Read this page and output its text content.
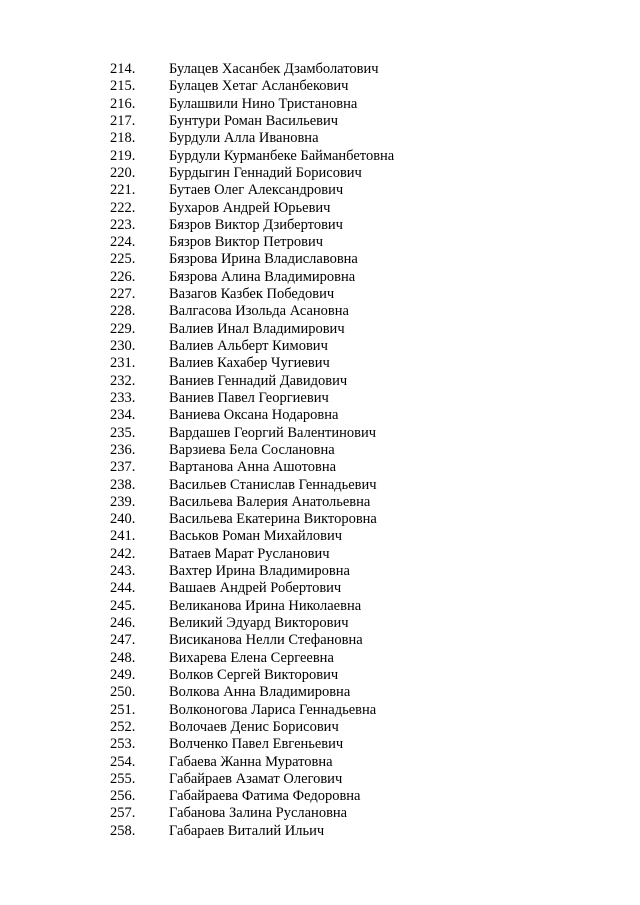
214.	Булацев Хасанбек Дзамболатович
215.	Булацев Хетаг Асланбекович
216.	Булашвили Нино Тристановна
217.	Бунтури Роман Васильевич
218.	Бурдули Алла Ивановна
219.	Бурдули Курманбеке Байманбетовна
220.	Бурдыгин Геннадий Борисович
221.	Бутаев Олег Александрович
222.	Бухаров Андрей Юрьевич
223.	Бязров Виктор Дзибертович
224.	Бязров Виктор Петрович
225.	Бязрова Ирина Владиславовна
226.	Бязрова Алина Владимировна
227.	Вазагов Казбек Победович
228.	Валгасова Изольда Асановна
229.	Валиев Инал Владимирович
230.	Валиев Альберт Кимович
231.	Валиев Кахабер Чугиевич
232.	Ваниев Геннадий Давидович
233.	Ваниев Павел Георгиевич
234.	Ваниева Оксана Нодаровна
235.	Вардашев Георгий Валентинович
236.	Варзиева Бела Сослановна
237.	Вартанова Анна Ашотовна
238.	Васильев Станислав Геннадьевич
239.	Васильева Валерия Анатольевна
240.	Васильева Екатерина Викторовна
241.	Васьков Роман Михайлович
242.	Ватаев Марат Русланович
243.	Вахтер Ирина Владимировна
244.	Вашаев Андрей Робертович
245.	Великанова Ирина Николаевна
246.	Великий Эдуард Викторович
247.	Висиканова Нелли Стефановна
248.	Вихарева Елена Сергеевна
249.	Волков Сергей Викторович
250.	Волкова Анна Владимировна
251.	Волконогова Лариса Геннадьевна
252.	Волочаев Денис Борисович
253.	Волченко Павел Евгеньевич
254.	Габаева Жанна Муратовна
255.	Габайраев Азамат Олегович
256.	Габайраева Фатима Федоровна
257.	Габанова Залина Руслановна
258.	Габараев Виталий Ильич
